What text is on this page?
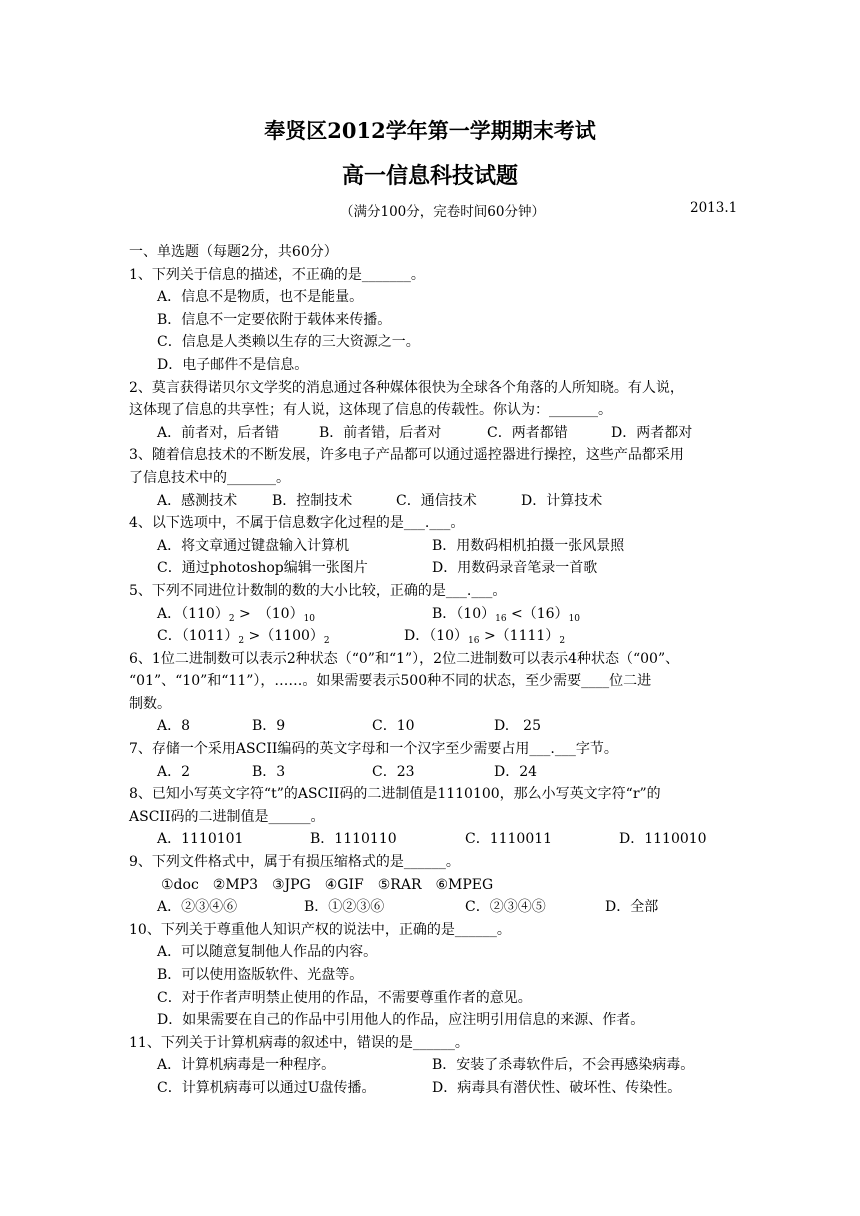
奉贤区2012学年第一学期期末考试
高一信息科技试题
（满分100分，完卷时间60分钟）	2013.1
一、单选题（每题2分，共60分）
1、下列关于信息的描述，不正确的是_______。
A．信息不是物质，也不是能量。
B．信息不一定要依附于载体来传播。
C．信息是人类赖以生存的三大资源之一。
D．电子邮件不是信息。
2、莫言获得诺贝尔文学奖的消息通过各种媒体很快为全球各个角落的人所知晓。有人说，
这体现了信息的共享性；有人说，这体现了信息的传载性。你认为：_______。
A．前者对，后者错	B．前者错，后者对	C．两者都错	D．两者都对
3、随着信息技术的不断发展，许多电子产品都可以通过遥控器进行操控，这些产品都采用
了信息技术中的_______。
A．感测技术 B．控制技术	C．通信技术	D．计算技术
4、以下选项中，不属于信息数字化过程的是___.___。
A．将文章通过键盘输入计算机	B．用数码相机拍摄一张风景照
C．通过photoshop编辑一张图片	D．用数码录音笔录一首歌
5、下列不同进位计数制的数的大小比较，正确的是___.___。
A．$(110)_2$ >　$(10)_{10}$	B．$(10)_{16} <(16)_{10}$
C．$(1011)_2 >(1100)_2$	D．$(10)_{16} >(1111)_2$
6、1位二进制数可以表示2种状态（“0”和“1”），2位二进制数可以表示4种状态（“00”、
“01”、“10”和“11”），……。如果需要表示500种不同的状态，至少需要____位二进
制数。
A．8	B．9	C．10	D.　25
7、存储一个采用ASCII编码的英文字母和一个汉字至少需要占用___.___字节。
A．2	B．3	C．23	D．24
8、已知小写英文字符“t”的ASCII码的二进制值是1110100，那么小写英文字符“r”的
ASCII码的二进制值是______。
A．1110101	B．1110110	C．1110011	D．1110010
9、下列文件格式中，属于有损压缩格式的是______。
①doc　②MP3　③JPG　④GIF　⑤RAR　⑥MPEG
A．②③④⑥	B．①②③⑥	C．②③④⑤	D．全部
10、下列关于尊重他人知识产权的说法中，正确的是______。
A．可以随意复制他人作品的内容。
B．可以使用盗版软件、光盘等。
C．对于作者声明禁止使用的作品，不需要尊重作者的意见。
D．如果需要在自己的作品中引用他人的作品，应注明引用信息的来源、作者。
11、下列关于计算机病毒的叙述中，错误的是______。
A．计算机病毒是一种程序。	B．安装了杀毒软件后，不会再感染病毒。
C．计算机病毒可以通过U盘传播。	D．病毒具有潜伏性、破坏性、传染性。
